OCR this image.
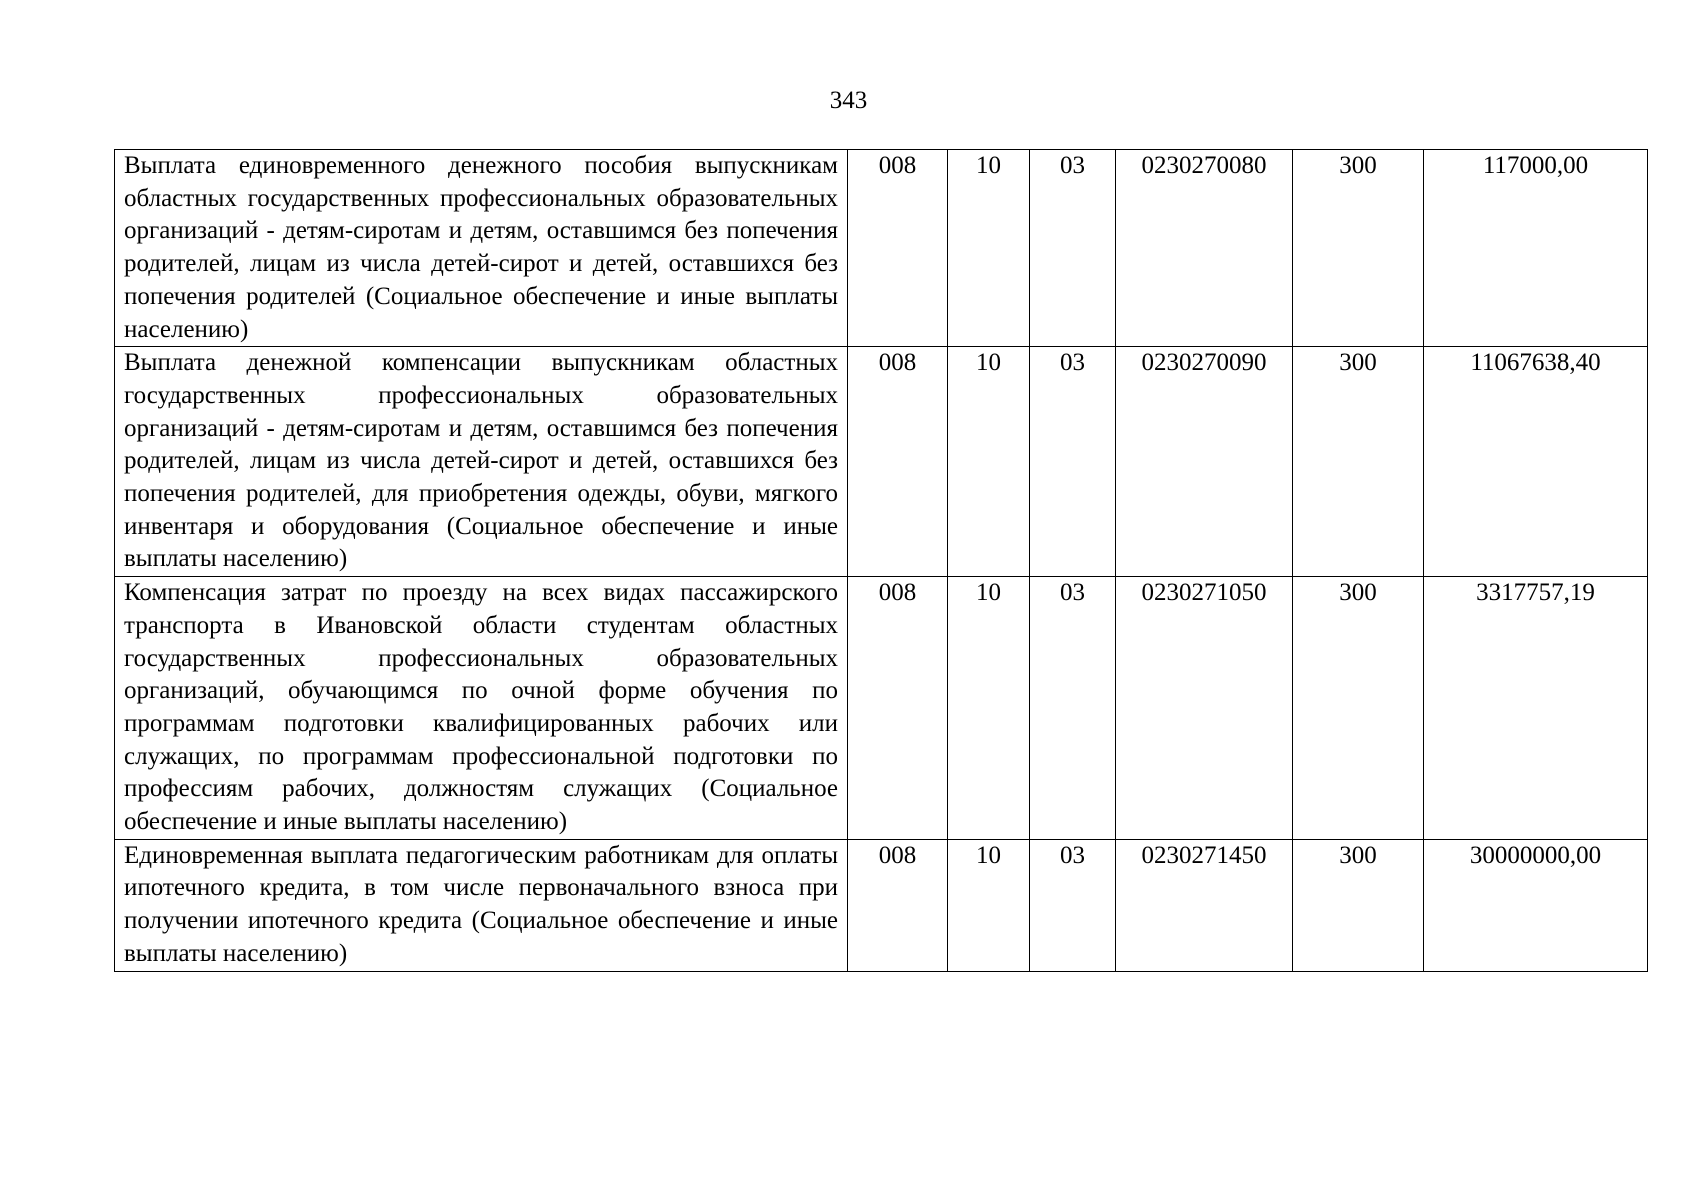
343
Выплата единовременного денежного пособия выпускникам областных государственных профессиональных образовательных организаций - детям-сиротам и детям, оставшимся без попечения родителей, лицам из числа детей-сирот и детей, оставшихся без попечения родителей (Социальное обеспечение и иные выплаты населению)	008	10	03	0230270080	300	117000,00
Выплата денежной компенсации выпускникам областных государственных профессиональных образовательных организаций - детям-сиротам и детям, оставшимся без попечения родителей, лицам из числа детей-сирот и детей, оставшихся без попечения родителей, для приобретения одежды, обуви, мягкого инвентаря и оборудования (Социальное обеспечение и иные выплаты населению)	008	10	03	0230270090	300	11067638,40
Компенсация затрат по проезду на всех видах пассажирского транспорта в Ивановской области студентам областных государственных профессиональных образовательных организаций, обучающимся по очной форме обучения по программам подготовки квалифицированных рабочих или служащих, по программам профессиональной подготовки по профессиям рабочих, должностям служащих (Социальное обеспечение и иные выплаты населению)	008	10	03	0230271050	300	3317757,19
Единовременная выплата педагогическим работникам для оплаты ипотечного кредита, в том числе первоначального взноса при получении ипотечного кредита (Социальное обеспечение и иные выплаты населению)	008	10	03	0230271450	300	30000000,00
